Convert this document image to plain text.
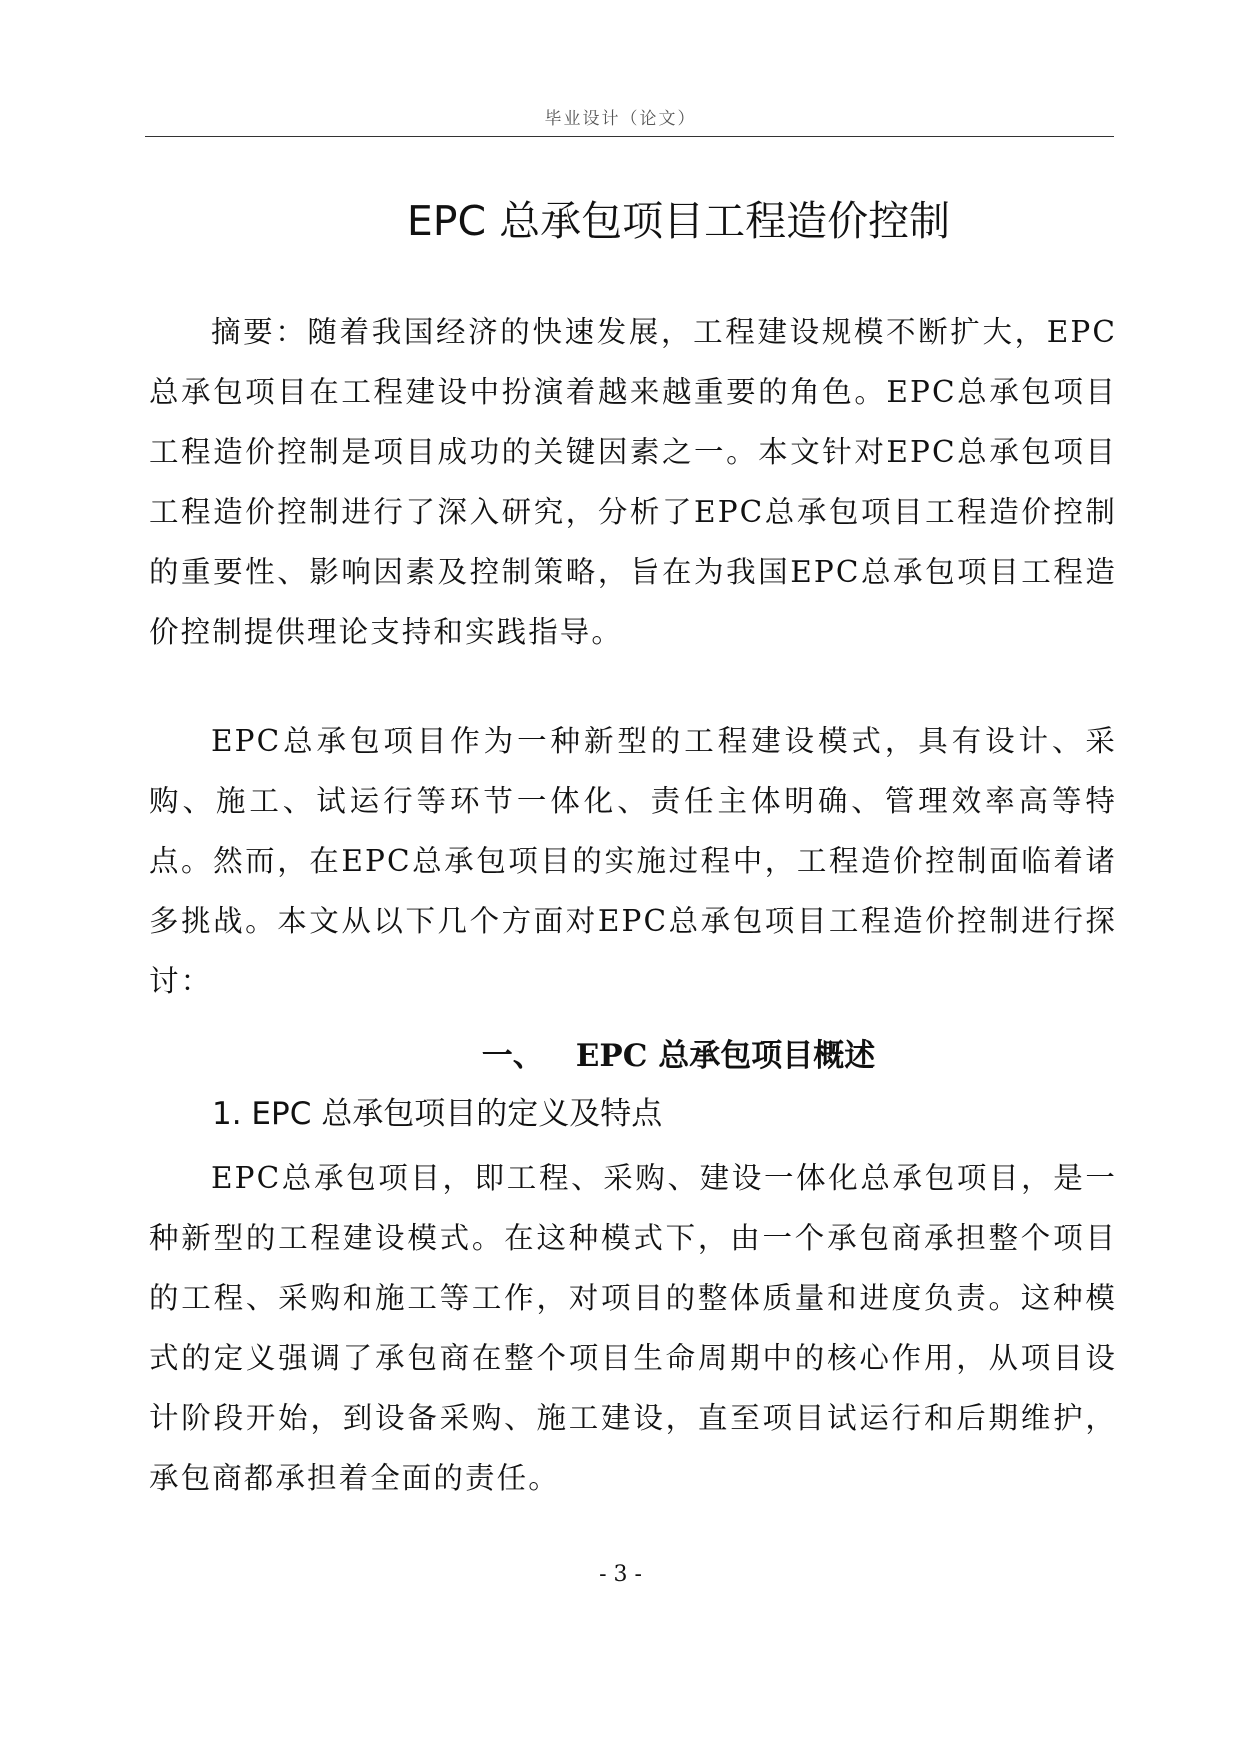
毕业设计（论文）
EPC 总承包项目工程造价控制

摘要：随着我国经济的快速发展，工程建设规模不断扩大，EPC总承包项目在工程建设中扮演着越来越重要的角色。EPC总承包项目工程造价控制是项目成功的关键因素之一。本文针对EPC总承包项目工程造价控制进行了深入研究，分析了EPC总承包项目工程造价控制的重要性、影响因素及控制策略，旨在为我国EPC总承包项目工程造价控制提供理论支持和实践指导。

EPC总承包项目作为一种新型的工程建设模式，具有设计、采购、施工、试运行等环节一体化、责任主体明确、管理效率高等特点。然而，在EPC总承包项目的实施过程中，工程造价控制面临着诸多挑战。本文从以下几个方面对EPC总承包项目工程造价控制进行探讨：

一、 EPC 总承包项目概述
1. EPC 总承包项目的定义及特点

EPC总承包项目，即工程、采购、建设一体化总承包项目，是一种新型的工程建设模式。在这种模式下，由一个承包商承担整个项目的工程、采购和施工等工作，对项目的整体质量和进度负责。这种模式的定义强调了承包商在整个项目生命周期中的核心作用，从项目设计阶段开始，到设备采购、施工建设，直至项目试运行和后期维护，承包商都承担着全面的责任。

- 3 -
